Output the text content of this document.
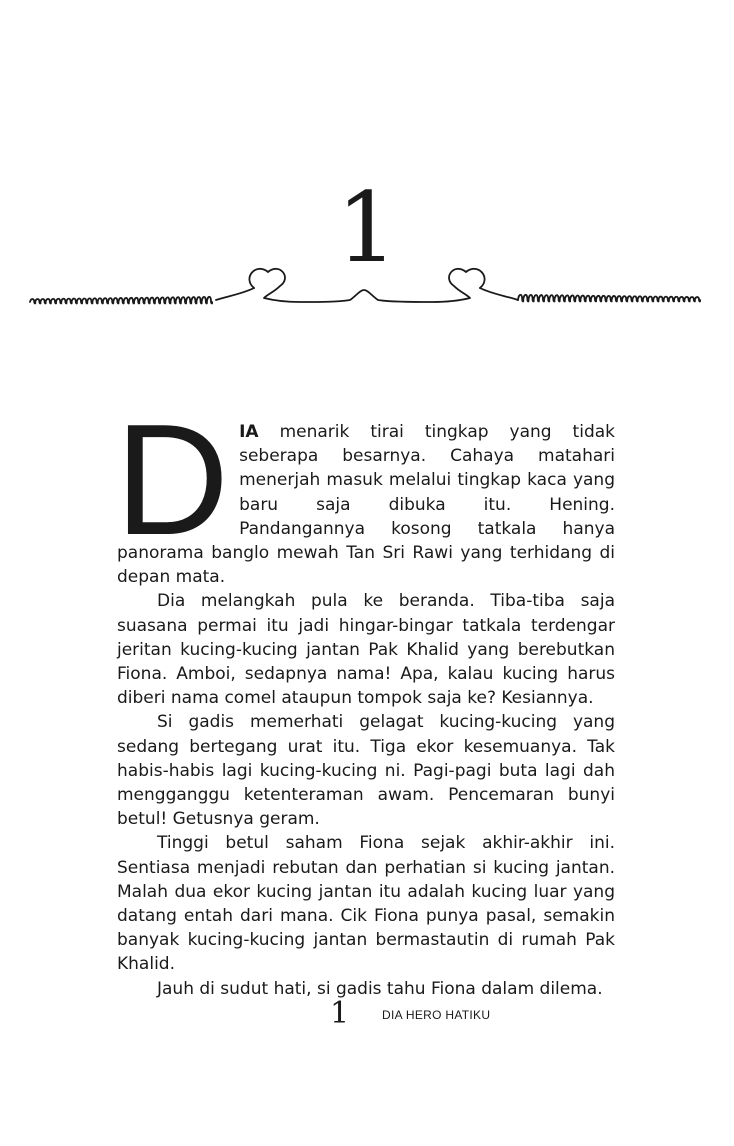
1

DIA menarik tirai tingkap yang tidak seberapa besarnya. Cahaya matahari menerjah masuk melalui tingkap kaca yang baru saja dibuka itu. Hening. Pandangannya kosong tatkala hanya panorama banglo mewah Tan Sri Rawi yang terhidang di depan mata.

Dia melangkah pula ke beranda. Tiba-tiba saja suasana permai itu jadi hingar-bingar tatkala terdengar jeritan kucing-kucing jantan Pak Khalid yang berebutkan Fiona. Amboi, sedapnya nama! Apa, kalau kucing harus diberi nama comel ataupun tompok saja ke? Kesiannya.

Si gadis memerhati gelagat kucing-kucing yang sedang bertegang urat itu. Tiga ekor kesemuanya. Tak habis-habis lagi kucing-kucing ni. Pagi-pagi buta lagi dah mengganggu ketenteraman awam. Pencemaran bunyi betul! Getusnya geram.

Tinggi betul saham Fiona sejak akhir-akhir ini. Sentiasa menjadi rebutan dan perhatian si kucing jantan. Malah dua ekor kucing jantan itu adalah kucing luar yang datang entah dari mana. Cik Fiona punya pasal, semakin banyak kucing-kucing jantan bermastautin di rumah Pak Khalid.

Jauh di sudut hati, si gadis tahu Fiona dalam dilema.

1	DIA HERO HATIKU
